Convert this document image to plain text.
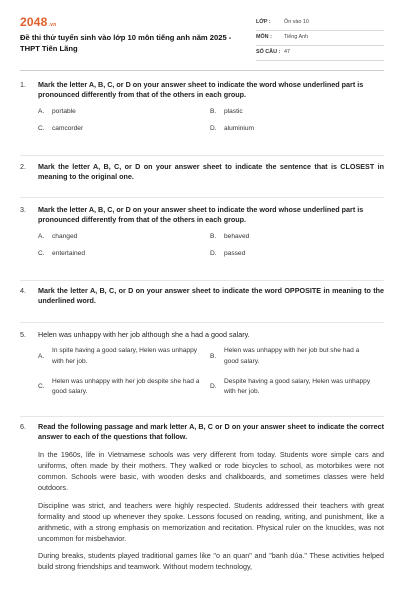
2048.vn
Đề thi thử tuyển sinh vào lớp 10 môn tiếng anh năm 2025 - THPT Tiên Lãng
LỚP :	Ôn vào 10
MÔN :	Tiếng Anh
SỐ CÂU : 47
1. Mark the letter A, B, C, or D on your answer sheet to indicate the word whose underlined part is pronounced differently from that of the others in each group.
A.	portable	B.	plastic
C.	camcorder	D.	aluminium
2. Mark the letter A, B, C, or D on your answer sheet to indicate the sentence that is CLOSEST in meaning to the original one.
3. Mark the letter A, B, C, or D on your answer sheet to indicate the word whose underlined part is pronounced differently from that of the others in each group.
A.	changed	B.	behaved
C.	entertained	D.	passed
4. Mark the letter A, B, C, or D on your answer sheet to indicate the word OPPOSITE in meaning to the underlined word.
5. Helen was unhappy with her job although she a had a good salary.
A.
In spite having a good salary, Helen was unhappy with her job.
B.
Helen was unhappy with her job but she had a good salary.
C.
Helen was unhappy with her job despite she had a good salary.
D.
Despite having a good salary, Helen was unhappy with her job.
6. Read the following passage and mark letter A, B, C or D on your answer sheet to indicate the correct answer to each of the questions that follow.
In the 1960s, life in Vietnamese schools was very different from today. Students wore simple cars and uniforms, often made by their mothers. They walked or rode bicycles to school, as motorbikes were not common. Schools were basic, with wooden desks and chalkboards, and sometimes classes were held outdoors.
Discipline was strict, and teachers were highly respected. Students addressed their teachers with great formality and stood up whenever they spoke. Lessons focused on reading, writing, and punishment, like a arithmetic, with a strong emphasis on memorization and recitation. Physical ruler on the knuckles, was not uncommon for misbehavior.
During breaks, students played traditional games like "o an quan" and "banh dúa." These activities helped build strong friendships and teamwork. Without modern technology,
